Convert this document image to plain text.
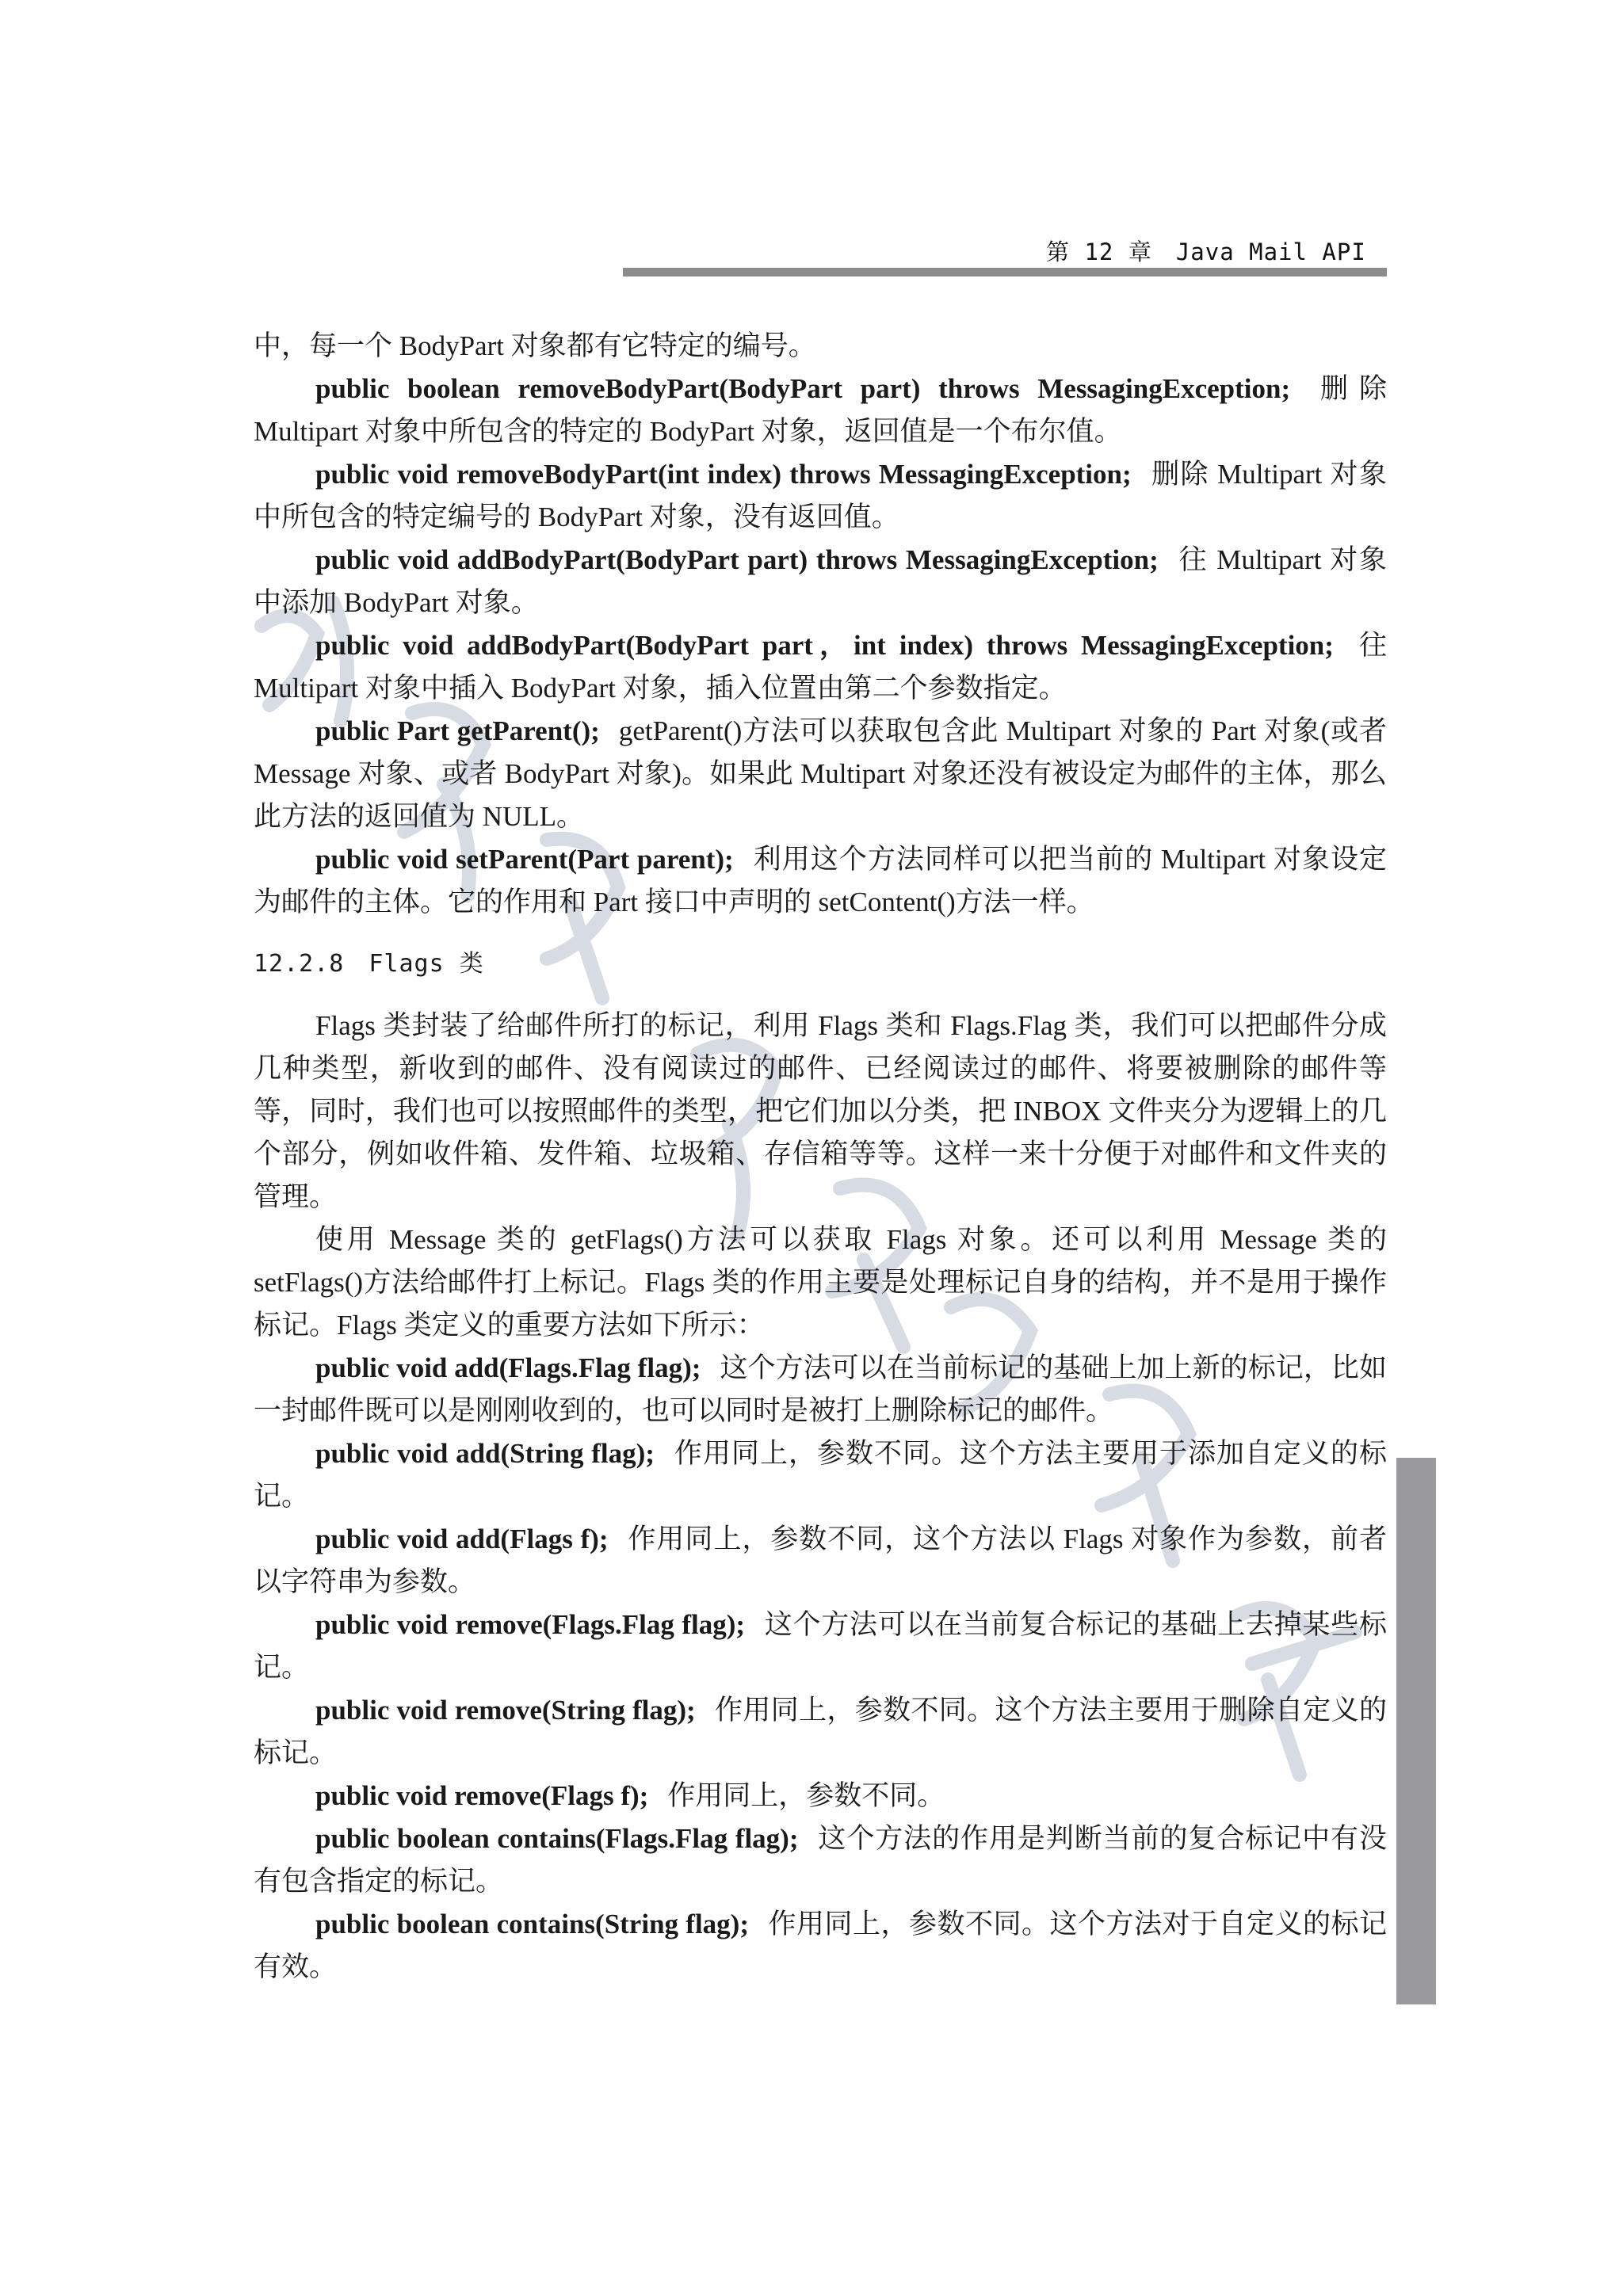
第 12 章　Java Mail API

中，每一个 BodyPart 对象都有它特定的编号。

public boolean removeBodyPart(BodyPart part) throws MessagingException; 删除 Multipart 对象中所包含的特定的 BodyPart 对象，返回值是一个布尔值。

public void removeBodyPart(int index) throws MessagingException; 删除 Multipart 对象中所包含的特定编号的 BodyPart 对象，没有返回值。

public void addBodyPart(BodyPart part) throws MessagingException; 往 Multipart 对象中添加 BodyPart 对象。

public void addBodyPart(BodyPart part，int index) throws MessagingException; 往 Multipart 对象中插入 BodyPart 对象，插入位置由第二个参数指定。

public Part getParent(); getParent()方法可以获取包含此 Multipart 对象的 Part 对象(或者 Message 对象、或者 BodyPart 对象)。如果此 Multipart 对象还没有被设定为邮件的主体，那么此方法的返回值为 NULL。

public void setParent(Part parent); 利用这个方法同样可以把当前的 Multipart 对象设定为邮件的主体。它的作用和 Part 接口中声明的 setContent()方法一样。

12.2.8　Flags 类

Flags 类封装了给邮件所打的标记，利用 Flags 类和 Flags.Flag 类，我们可以把邮件分成几种类型，新收到的邮件、没有阅读过的邮件、已经阅读过的邮件、将要被删除的邮件等等，同时，我们也可以按照邮件的类型，把它们加以分类，把 INBOX 文件夹分为逻辑上的几个部分，例如收件箱、发件箱、垃圾箱、存信箱等等。这样一来十分便于对邮件和文件夹的管理。

使用 Message 类的 getFlags()方法可以获取 Flags 对象。还可以利用 Message 类的 setFlags()方法给邮件打上标记。Flags 类的作用主要是处理标记自身的结构，并不是用于操作标记。Flags 类定义的重要方法如下所示：

public void add(Flags.Flag flag); 这个方法可以在当前标记的基础上加上新的标记，比如一封邮件既可以是刚刚收到的，也可以同时是被打上删除标记的邮件。

public void add(String flag); 作用同上，参数不同。这个方法主要用于添加自定义的标记。

public void add(Flags f); 作用同上，参数不同，这个方法以 Flags 对象作为参数，前者以字符串为参数。

public void remove(Flags.Flag flag); 这个方法可以在当前复合标记的基础上去掉某些标记。

public void remove(String flag); 作用同上，参数不同。这个方法主要用于删除自定义的标记。

public void remove(Flags f); 作用同上，参数不同。

public boolean contains(Flags.Flag flag); 这个方法的作用是判断当前的复合标记中有没有包含指定的标记。

public boolean contains(String flag); 作用同上，参数不同。这个方法对于自定义的标记有效。
